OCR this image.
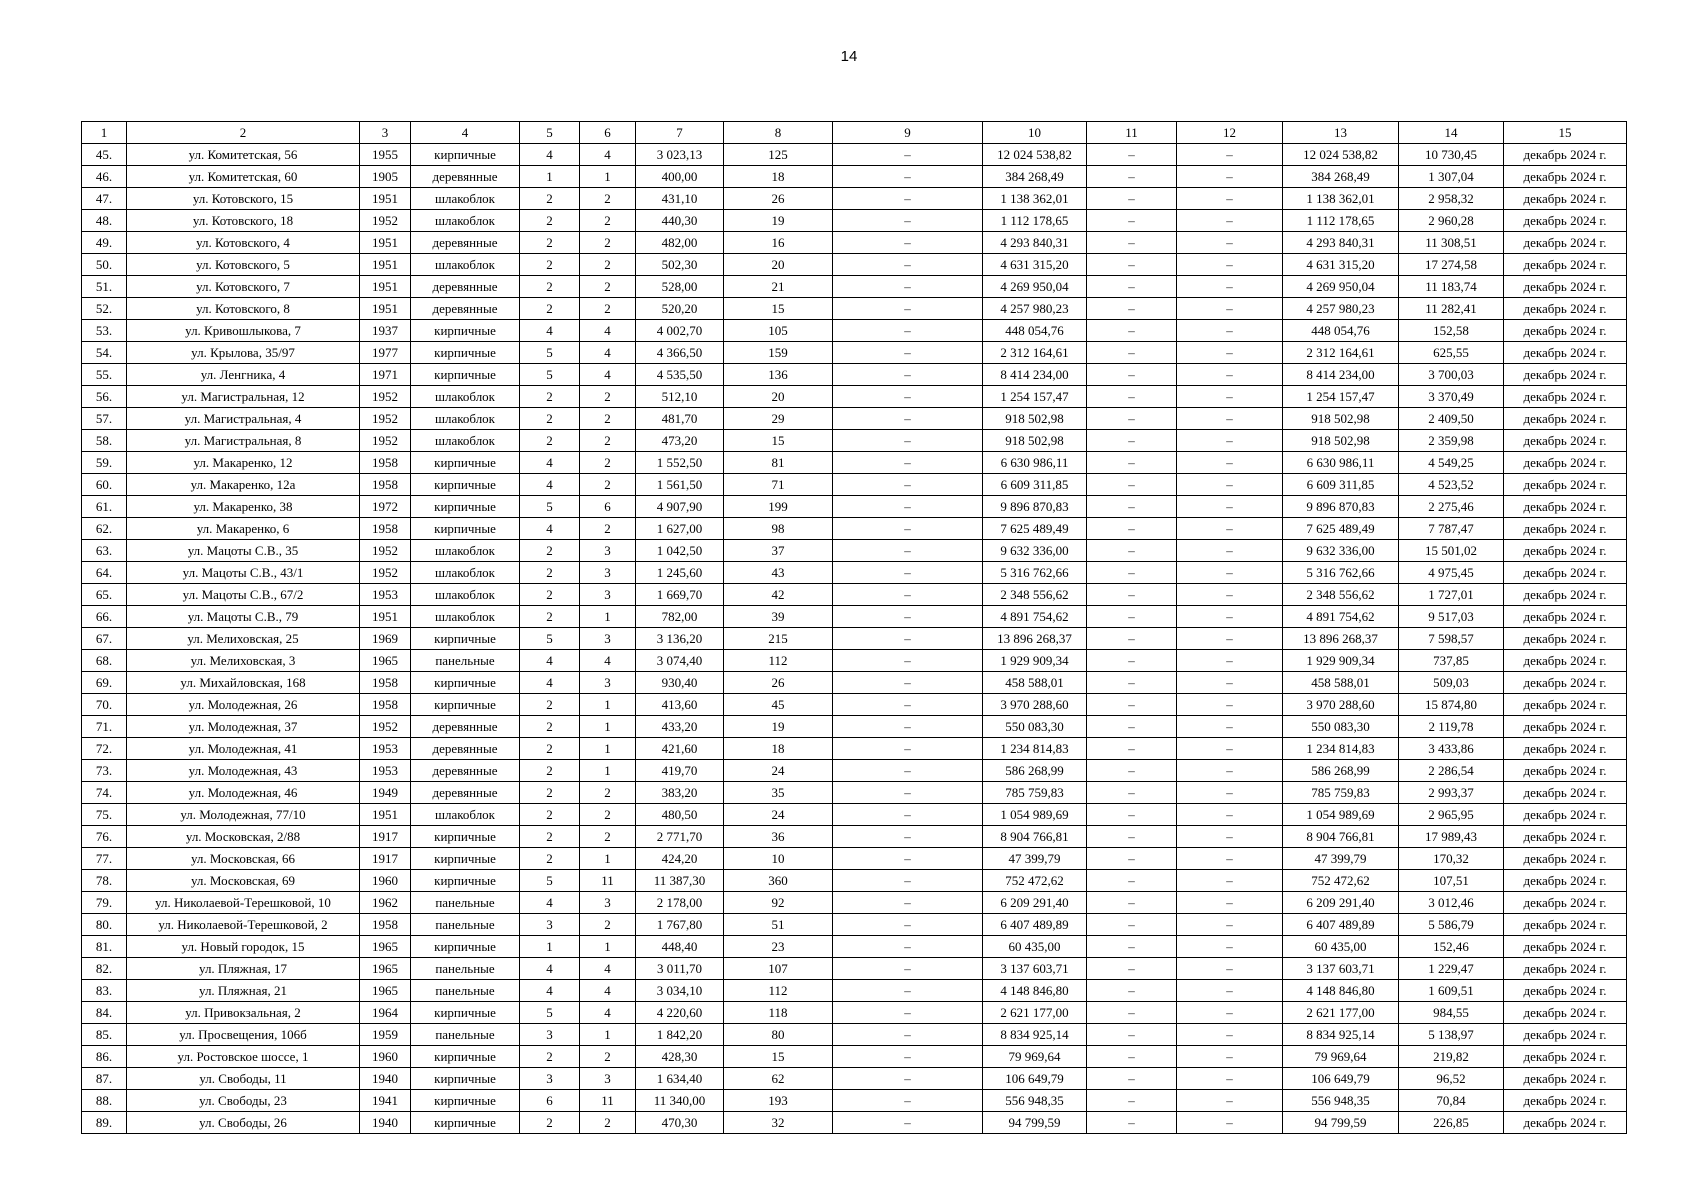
14
1	2	3	4	5	6	7	8	9	10	11	12	13	14	15
45.	ул. Комитетская, 56	1955	кирпичные	4	4	3 023,13	125	–	12 024 538,82	–	–	12 024 538,82	10 730,45	декабрь 2024 г.
46.	ул. Комитетская, 60	1905	деревянные	1	1	400,00	18	–	384 268,49	–	–	384 268,49	1 307,04	декабрь 2024 г.
47.	ул. Котовского, 15	1951	шлакоблок	2	2	431,10	26	–	1 138 362,01	–	–	1 138 362,01	2 958,32	декабрь 2024 г.
48.	ул. Котовского, 18	1952	шлакоблок	2	2	440,30	19	–	1 112 178,65	–	–	1 112 178,65	2 960,28	декабрь 2024 г.
49.	ул. Котовского, 4	1951	деревянные	2	2	482,00	16	–	4 293 840,31	–	–	4 293 840,31	11 308,51	декабрь 2024 г.
50.	ул. Котовского, 5	1951	шлакоблок	2	2	502,30	20	–	4 631 315,20	–	–	4 631 315,20	17 274,58	декабрь 2024 г.
51.	ул. Котовского, 7	1951	деревянные	2	2	528,00	21	–	4 269 950,04	–	–	4 269 950,04	11 183,74	декабрь 2024 г.
52.	ул. Котовского, 8	1951	деревянные	2	2	520,20	15	–	4 257 980,23	–	–	4 257 980,23	11 282,41	декабрь 2024 г.
53.	ул. Кривошлыкова, 7	1937	кирпичные	4	4	4 002,70	105	–	448 054,76	–	–	448 054,76	152,58	декабрь 2024 г.
54.	ул. Крылова, 35/97	1977	кирпичные	5	4	4 366,50	159	–	2 312 164,61	–	–	2 312 164,61	625,55	декабрь 2024 г.
55.	ул. Ленгника, 4	1971	кирпичные	5	4	4 535,50	136	–	8 414 234,00	–	–	8 414 234,00	3 700,03	декабрь 2024 г.
56.	ул. Магистральная, 12	1952	шлакоблок	2	2	512,10	20	–	1 254 157,47	–	–	1 254 157,47	3 370,49	декабрь 2024 г.
57.	ул. Магистральная, 4	1952	шлакоблок	2	2	481,70	29	–	918 502,98	–	–	918 502,98	2 409,50	декабрь 2024 г.
58.	ул. Магистральная, 8	1952	шлакоблок	2	2	473,20	15	–	918 502,98	–	–	918 502,98	2 359,98	декабрь 2024 г.
59.	ул. Макаренко, 12	1958	кирпичные	4	2	1 552,50	81	–	6 630 986,11	–	–	6 630 986,11	4 549,25	декабрь 2024 г.
60.	ул. Макаренко, 12а	1958	кирпичные	4	2	1 561,50	71	–	6 609 311,85	–	–	6 609 311,85	4 523,52	декабрь 2024 г.
61.	ул. Макаренко, 38	1972	кирпичные	5	6	4 907,90	199	–	9 896 870,83	–	–	9 896 870,83	2 275,46	декабрь 2024 г.
62.	ул. Макаренко, 6	1958	кирпичные	4	2	1 627,00	98	–	7 625 489,49	–	–	7 625 489,49	7 787,47	декабрь 2024 г.
63.	ул. Мацоты С.В., 35	1952	шлакоблок	2	3	1 042,50	37	–	9 632 336,00	–	–	9 632 336,00	15 501,02	декабрь 2024 г.
64.	ул. Мацоты С.В., 43/1	1952	шлакоблок	2	3	1 245,60	43	–	5 316 762,66	–	–	5 316 762,66	4 975,45	декабрь 2024 г.
65.	ул. Мацоты С.В., 67/2	1953	шлакоблок	2	3	1 669,70	42	–	2 348 556,62	–	–	2 348 556,62	1 727,01	декабрь 2024 г.
66.	ул. Мацоты С.В., 79	1951	шлакоблок	2	1	782,00	39	–	4 891 754,62	–	–	4 891 754,62	9 517,03	декабрь 2024 г.
67.	ул. Мелиховская, 25	1969	кирпичные	5	3	3 136,20	215	–	13 896 268,37	–	–	13 896 268,37	7 598,57	декабрь 2024 г.
68.	ул. Мелиховская, 3	1965	панельные	4	4	3 074,40	112	–	1 929 909,34	–	–	1 929 909,34	737,85	декабрь 2024 г.
69.	ул. Михайловская, 168	1958	кирпичные	4	3	930,40	26	–	458 588,01	–	–	458 588,01	509,03	декабрь 2024 г.
70.	ул. Молодежная, 26	1958	кирпичные	2	1	413,60	45	–	3 970 288,60	–	–	3 970 288,60	15 874,80	декабрь 2024 г.
71.	ул. Молодежная, 37	1952	деревянные	2	1	433,20	19	–	550 083,30	–	–	550 083,30	2 119,78	декабрь 2024 г.
72.	ул. Молодежная, 41	1953	деревянные	2	1	421,60	18	–	1 234 814,83	–	–	1 234 814,83	3 433,86	декабрь 2024 г.
73.	ул. Молодежная, 43	1953	деревянные	2	1	419,70	24	–	586 268,99	–	–	586 268,99	2 286,54	декабрь 2024 г.
74.	ул. Молодежная, 46	1949	деревянные	2	2	383,20	35	–	785 759,83	–	–	785 759,83	2 993,37	декабрь 2024 г.
75.	ул. Молодежная, 77/10	1951	шлакоблок	2	2	480,50	24	–	1 054 989,69	–	–	1 054 989,69	2 965,95	декабрь 2024 г.
76.	ул. Московская, 2/88	1917	кирпичные	2	2	2 771,70	36	–	8 904 766,81	–	–	8 904 766,81	17 989,43	декабрь 2024 г.
77.	ул. Московская, 66	1917	кирпичные	2	1	424,20	10	–	47 399,79	–	–	47 399,79	170,32	декабрь 2024 г.
78.	ул. Московская, 69	1960	кирпичные	5	11	11 387,30	360	–	752 472,62	–	–	752 472,62	107,51	декабрь 2024 г.
79.	ул. Николаевой-Терешковой, 10	1962	панельные	4	3	2 178,00	92	–	6 209 291,40	–	–	6 209 291,40	3 012,46	декабрь 2024 г.
80.	ул. Николаевой-Терешковой, 2	1958	панельные	3	2	1 767,80	51	–	6 407 489,89	–	–	6 407 489,89	5 586,79	декабрь 2024 г.
81.	ул. Новый городок, 15	1965	кирпичные	1	1	448,40	23	–	60 435,00	–	–	60 435,00	152,46	декабрь 2024 г.
82.	ул. Пляжная, 17	1965	панельные	4	4	3 011,70	107	–	3 137 603,71	–	–	3 137 603,71	1 229,47	декабрь 2024 г.
83.	ул. Пляжная, 21	1965	панельные	4	4	3 034,10	112	–	4 148 846,80	–	–	4 148 846,80	1 609,51	декабрь 2024 г.
84.	ул. Привокзальная, 2	1964	кирпичные	5	4	4 220,60	118	–	2 621 177,00	–	–	2 621 177,00	984,55	декабрь 2024 г.
85.	ул. Просвещения, 106б	1959	панельные	3	1	1 842,20	80	–	8 834 925,14	–	–	8 834 925,14	5 138,97	декабрь 2024 г.
86.	ул. Ростовское шоссе, 1	1960	кирпичные	2	2	428,30	15	–	79 969,64	–	–	79 969,64	219,82	декабрь 2024 г.
87.	ул. Свободы, 11	1940	кирпичные	3	3	1 634,40	62	–	106 649,79	–	–	106 649,79	96,52	декабрь 2024 г.
88.	ул. Свободы, 23	1941	кирпичные	6	11	11 340,00	193	–	556 948,35	–	–	556 948,35	70,84	декабрь 2024 г.
89.	ул. Свободы, 26	1940	кирпичные	2	2	470,30	32	–	94 799,59	–	–	94 799,59	226,85	декабрь 2024 г.
